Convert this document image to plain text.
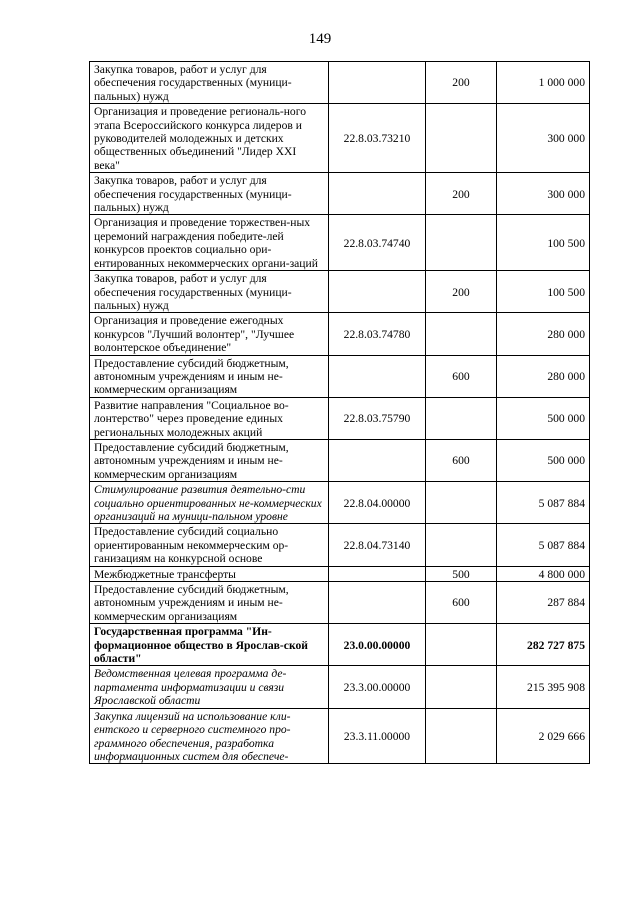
149
Закупка товаров, работ и услуг для обеспечения государственных (муници-пальных) нужд		200	1 000 000
Организация и проведение региональ-ного этапа Всероссийского конкурса лидеров и руководителей молодежных и детских общественных объединений "Лидер XXI века"	22.8.03.73210		300 000
Закупка товаров, работ и услуг для обеспечения государственных (муници-пальных) нужд		200	300 000
Организация и проведение торжествен-ных церемоний награждения победите-лей конкурсов проектов социально ори-ентированных некоммерческих органи-заций	22.8.03.74740		100 500
Закупка товаров, работ и услуг для обеспечения государственных (муници-пальных) нужд		200	100 500
Организация и проведение ежегодных конкурсов "Лучший волонтер", "Лучшее волонтерское объединение"	22.8.03.74780		280 000
Предоставление субсидий бюджетным, автономным учреждениям и иным не-коммерческим организациям		600	280 000
Развитие направления "Социальное во-лонтерство" через проведение единых региональных молодежных акций	22.8.03.75790		500 000
Предоставление субсидий бюджетным, автономным учреждениям и иным не-коммерческим организациям		600	500 000
Стимулирование развития деятельно-сти социально ориентированных не-коммерческих организаций на муници-пальном уровне	22.8.04.00000		5 087 884
Предоставление субсидий социально ориентированным некоммерческим ор-ганизациям на конкурсной основе	22.8.04.73140		5 087 884
Межбюджетные трансферты		500	4 800 000
Предоставление субсидий бюджетным, автономным учреждениям и иным не-коммерческим организациям		600	287 884
Государственная программа "Ин-формационное общество в Ярослав-ской области"	23.0.00.00000		282 727 875
Ведомственная целевая программа де-партамента информатизации и связи Ярославской области	23.3.00.00000		215 395 908
Закупка лицензий на использование кли-ентского и серверного системного про-граммного обеспечения, разработка информационных систем для обеспече-	23.3.11.00000		2 029 666
